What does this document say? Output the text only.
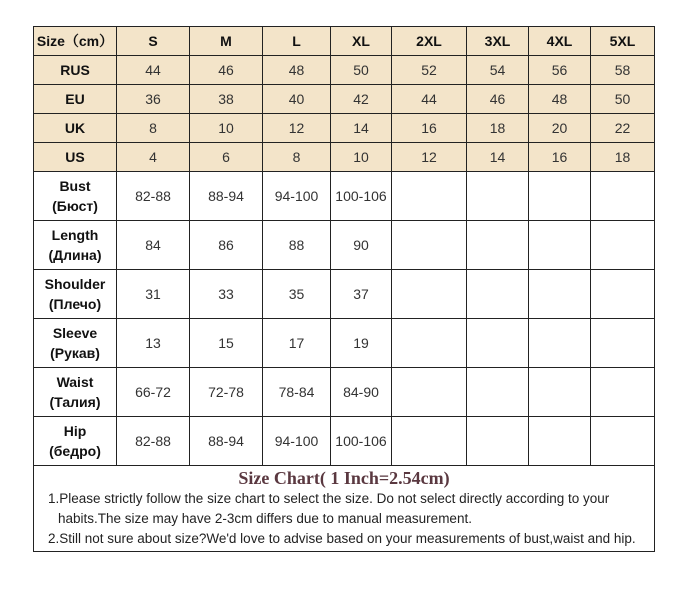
Size（cm）	S	M	L	XL	2XL	3XL	4XL	5XL
RUS	44	46	48	50	52	54	56	58
EU	36	38	40	42	44	46	48	50
UK	8	10	12	14	16	18	20	22
US	4	6	8	10	12	14	16	18

Bust
(Бюст)	82-88	88-94	94-100	100-106				

Length
(Длина)	84	86	88	90				

Shoulder
(Плечо)	31	33	35	37				

Sleeve
(Рукав)	13	15	17	19				

Waist
(Талия)	66-72	72-78	78-84	84-90				

Hip
(бедро)	82-88	88-94	94-100	100-106				
Size Chart( 1 Inch=2.54cm)
1.Please strictly follow the size chart to select the size. Do not select directly according to your
habits.The size may have 2-3cm differs due to manual measurement.
2.Still not sure about size?We'd love to advise based on your measurements of bust,waist and hip.
